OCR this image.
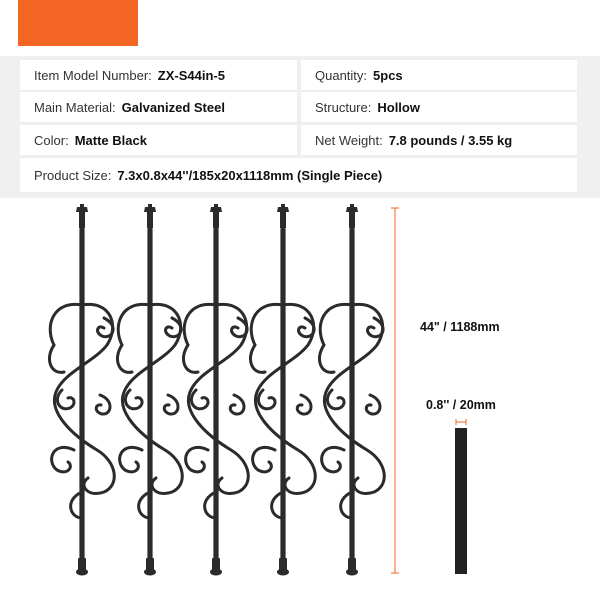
Item Model Number: ZX-S44in-5	Quantity: 5pcs
Main Material: Galvanized Steel	Structure: Hollow
Color: Matte Black	Net Weight: 7.8 pounds / 3.55 kg
Product Size: 7.3x0.8x44''/185x20x1118mm (Single Piece)
44" / 1188mm
0.8'' / 20mm
